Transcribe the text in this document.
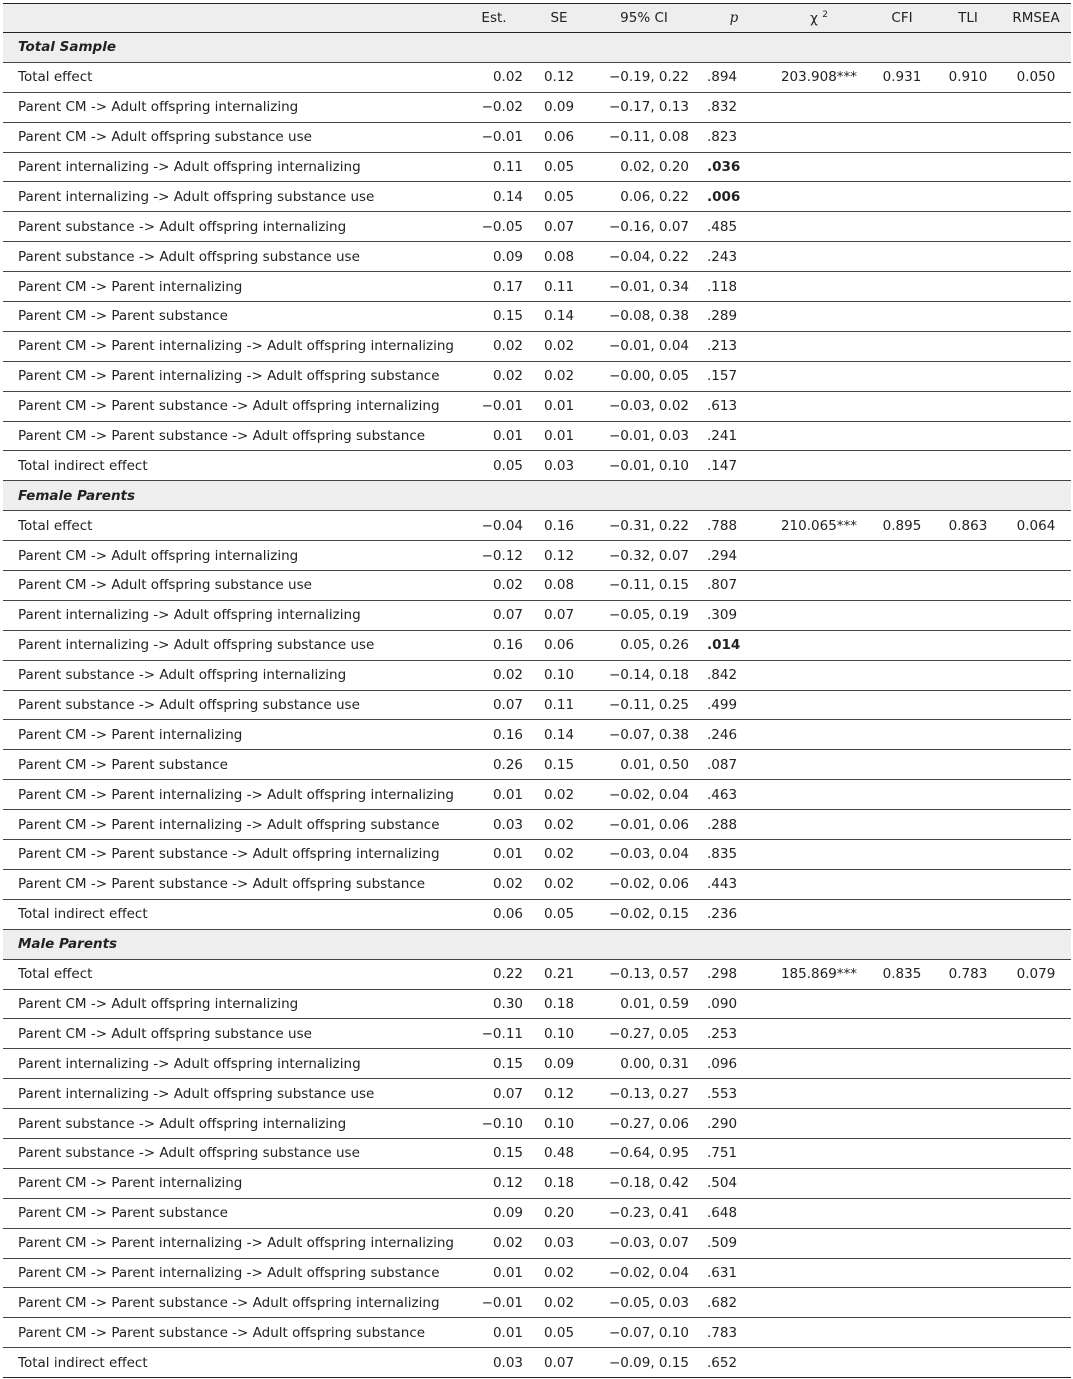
	Est.	SE	95% CI	p	χ $^2$	CFI	TLI	RMSEA
Total Sample								
Total effect	0.02	0.12	−0.19, 0.22	.894	203.908***	0.931	0.910	0.050
Parent CM -> Adult offspring internalizing	−0.02	0.09	−0.17, 0.13	.832				
Parent CM -> Adult offspring substance use	−0.01	0.06	−0.11, 0.08	.823				
Parent internalizing -> Adult offspring internalizing	0.11	0.05	0.02, 0.20	.036				
Parent internalizing -> Adult offspring substance use	0.14	0.05	0.06, 0.22	.006				
Parent substance -> Adult offspring internalizing	−0.05	0.07	−0.16, 0.07	.485				
Parent substance -> Adult offspring substance use	0.09	0.08	−0.04, 0.22	.243				
Parent CM -> Parent internalizing	0.17	0.11	−0.01, 0.34	.118				
Parent CM -> Parent substance	0.15	0.14	−0.08, 0.38	.289				
Parent CM -> Parent internalizing -> Adult offspring internalizing	0.02	0.02	−0.01, 0.04	.213				
Parent CM -> Parent internalizing -> Adult offspring substance	0.02	0.02	−0.00, 0.05	.157				
Parent CM -> Parent substance -> Adult offspring internalizing	−0.01	0.01	−0.03, 0.02	.613				
Parent CM -> Parent substance -> Adult offspring substance	0.01	0.01	−0.01, 0.03	.241				
Total indirect effect	0.05	0.03	−0.01, 0.10	.147				
Female Parents								
Total effect	−0.04	0.16	−0.31, 0.22	.788	210.065***	0.895	0.863	0.064
Parent CM -> Adult offspring internalizing	−0.12	0.12	−0.32, 0.07	.294				
Parent CM -> Adult offspring substance use	0.02	0.08	−0.11, 0.15	.807				
Parent internalizing -> Adult offspring internalizing	0.07	0.07	−0.05, 0.19	.309				
Parent internalizing -> Adult offspring substance use	0.16	0.06	0.05, 0.26	.014				
Parent substance -> Adult offspring internalizing	0.02	0.10	−0.14, 0.18	.842				
Parent substance -> Adult offspring substance use	0.07	0.11	−0.11, 0.25	.499				
Parent CM -> Parent internalizing	0.16	0.14	−0.07, 0.38	.246				
Parent CM -> Parent substance	0.26	0.15	0.01, 0.50	.087				
Parent CM -> Parent internalizing -> Adult offspring internalizing	0.01	0.02	−0.02, 0.04	.463				
Parent CM -> Parent internalizing -> Adult offspring substance	0.03	0.02	−0.01, 0.06	.288				
Parent CM -> Parent substance -> Adult offspring internalizing	0.01	0.02	−0.03, 0.04	.835				
Parent CM -> Parent substance -> Adult offspring substance	0.02	0.02	−0.02, 0.06	.443				
Total indirect effect	0.06	0.05	−0.02, 0.15	.236				
Male Parents								
Total effect	0.22	0.21	−0.13, 0.57	.298	185.869***	0.835	0.783	0.079
Parent CM -> Adult offspring internalizing	0.30	0.18	0.01, 0.59	.090				
Parent CM -> Adult offspring substance use	−0.11	0.10	−0.27, 0.05	.253				
Parent internalizing -> Adult offspring internalizing	0.15	0.09	0.00, 0.31	.096				
Parent internalizing -> Adult offspring substance use	0.07	0.12	−0.13, 0.27	.553				
Parent substance -> Adult offspring internalizing	−0.10	0.10	−0.27, 0.06	.290				
Parent substance -> Adult offspring substance use	0.15	0.48	−0.64, 0.95	.751				
Parent CM -> Parent internalizing	0.12	0.18	−0.18, 0.42	.504				
Parent CM -> Parent substance	0.09	0.20	−0.23, 0.41	.648				
Parent CM -> Parent internalizing -> Adult offspring internalizing	0.02	0.03	−0.03, 0.07	.509				
Parent CM -> Parent internalizing -> Adult offspring substance	0.01	0.02	−0.02, 0.04	.631				
Parent CM -> Parent substance -> Adult offspring internalizing	−0.01	0.02	−0.05, 0.03	.682				
Parent CM -> Parent substance -> Adult offspring substance	0.01	0.05	−0.07, 0.10	.783				
Total indirect effect	0.03	0.07	−0.09, 0.15	.652				
